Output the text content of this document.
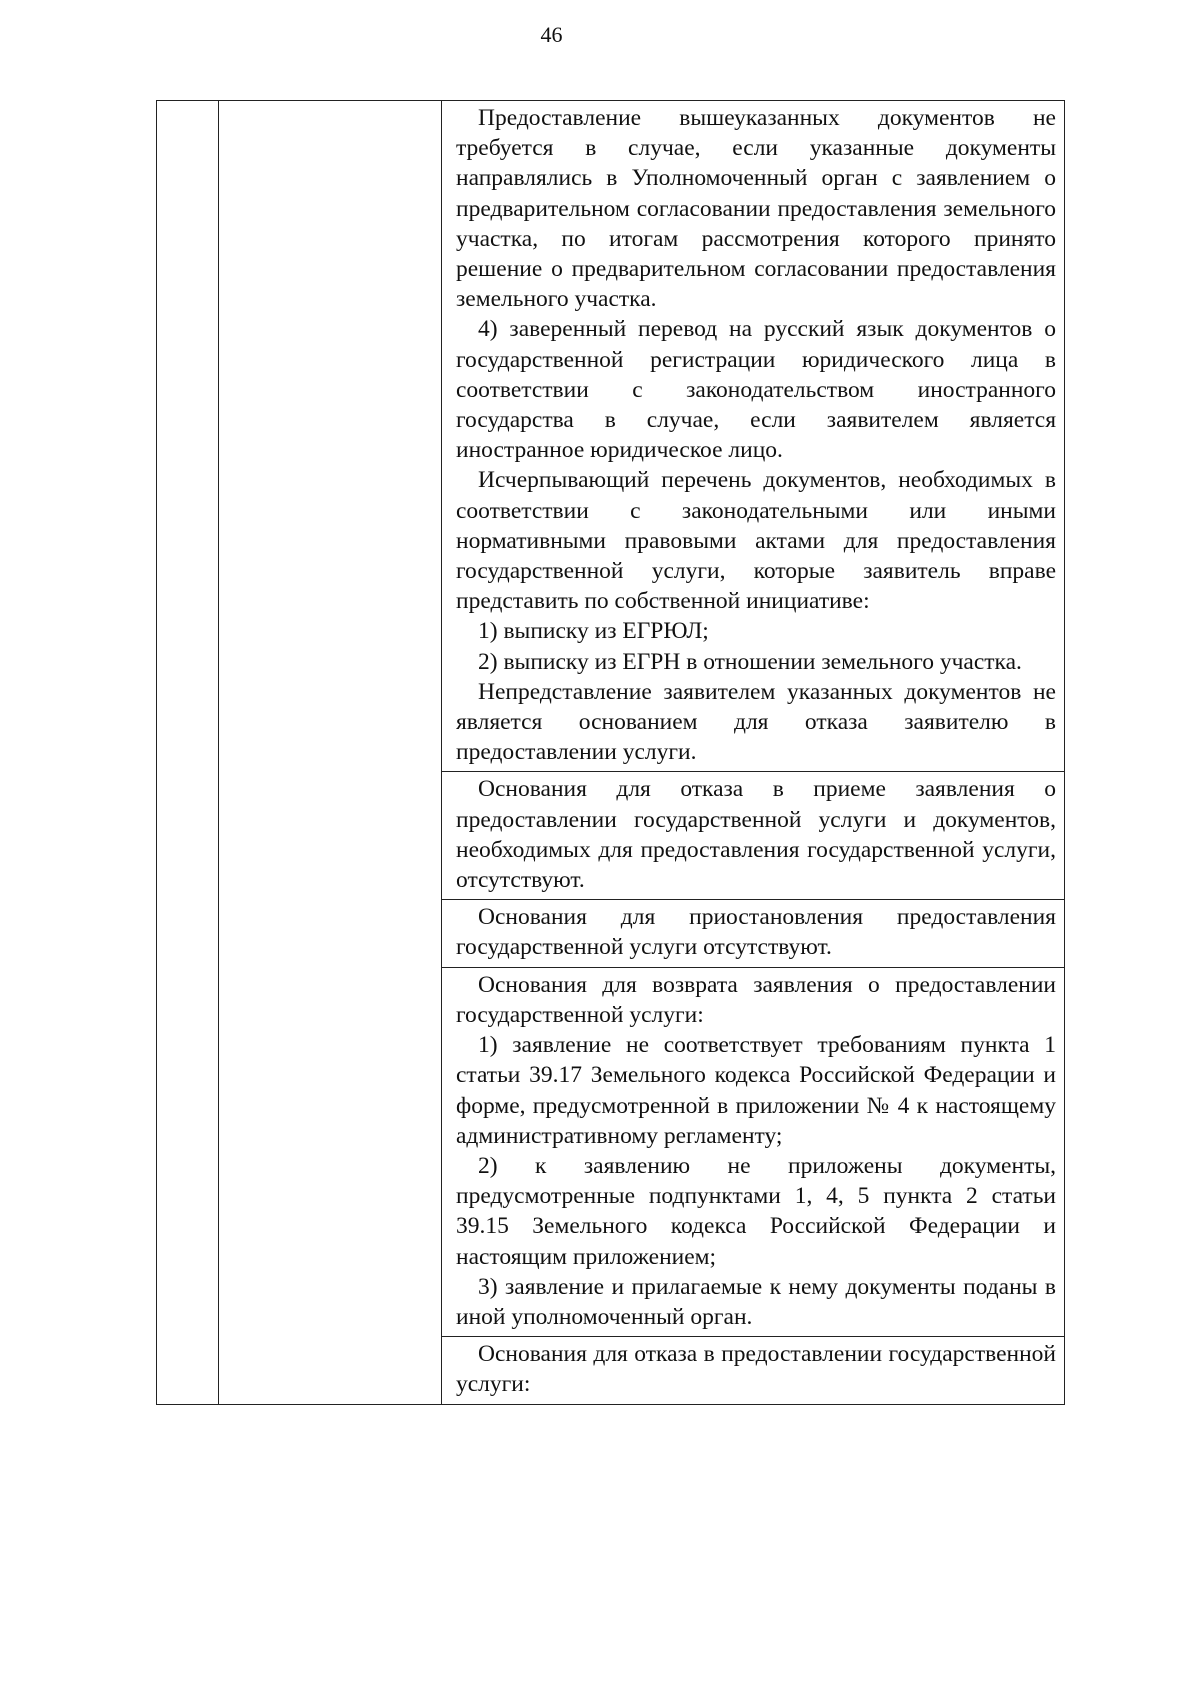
46

Предоставление вышеуказанных документов не требуется в случае, если указанные документы направлялись в Уполномоченный орган с заявлением о предварительном согласовании предоставления земельного участка, по итогам рассмотрения которого принято решение о предварительном согласовании предоставления земельного участка.

4) заверенный перевод на русский язык документов о государственной регистрации юридического лица в соответствии с законодательством иностранного государства в случае, если заявителем является иностранное юридическое лицо.

Исчерпывающий перечень документов, необходимых в соответствии с законодательными или иными нормативными правовыми актами для предоставления государственной услуги, которые заявитель вправе представить по собственной инициативе:

1) выписку из ЕГРЮЛ;

2) выписку из ЕГРН в отношении земельного участка.

Непредставление заявителем указанных документов не является основанием для отказа заявителю в предоставлении услуги.

Основания для отказа в приеме заявления о предоставлении государственной услуги и документов, необходимых для предоставления государственной услуги, отсутствуют.

Основания для приостановления предоставления государственной услуги отсутствуют.

Основания для возврата заявления о предоставлении государственной услуги:

1) заявление не соответствует требованиям пункта 1 статьи 39.17 Земельного кодекса Российской Федерации и форме, предусмотренной в приложении № 4 к настоящему административному регламенту;

2) к заявлению не приложены документы, предусмотренные подпунктами 1, 4, 5 пункта 2 статьи 39.15 Земельного кодекса Российской Федерации и настоящим приложением;

3) заявление и прилагаемые к нему документы поданы в иной уполномоченный орган.

Основания для отказа в предоставлении государственной услуги:
